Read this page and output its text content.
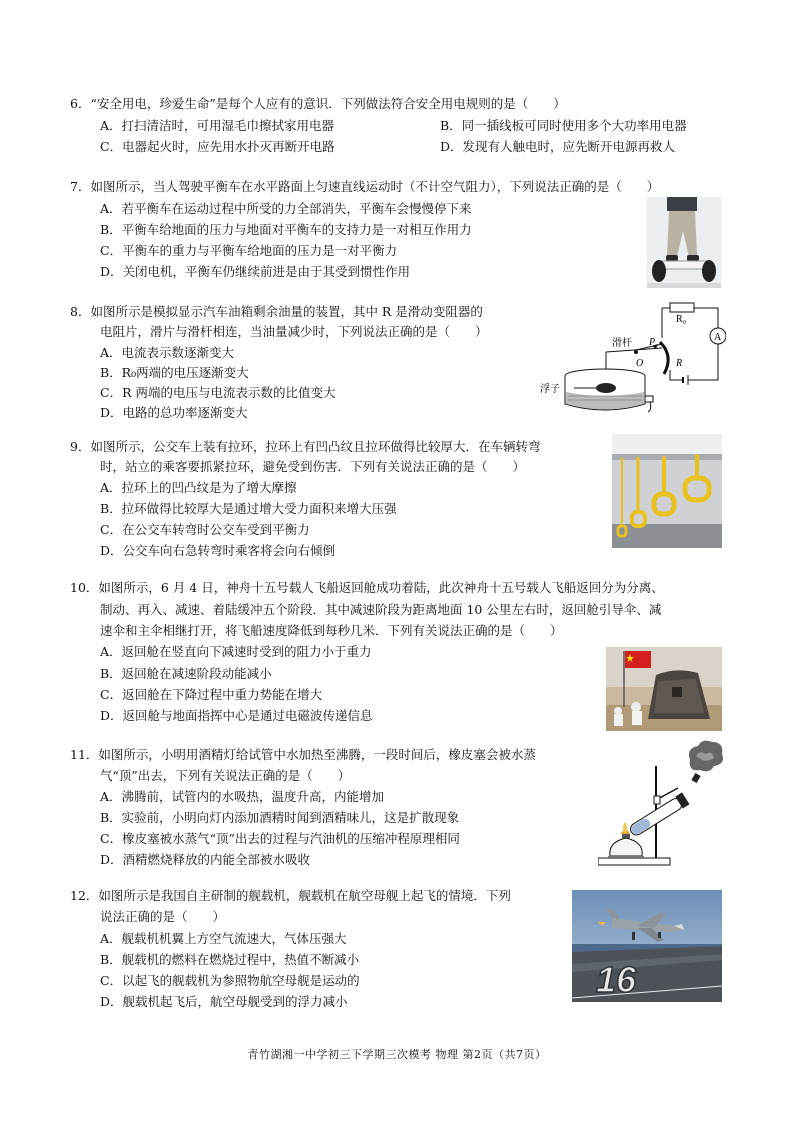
6．“安全用电，珍爱生命”是每个人应有的意识．下列做法符合安全用电规则的是（　　）
A．打扫清洁时，可用湿毛巾擦拭家用电器	B．同一插线板可同时使用多个大功率用电器
C．电器起火时，应先用水扑灭再断开电路	D．发现有人触电时，应先断开电源再救人
7．如图所示，当人驾驶平衡车在水平路面上匀速直线运动时（不计空气阻力），下列说法正确的是（　　）
A．若平衡车在运动过程中所受的力全部消失，平衡车会慢慢停下来
B．平衡车给地面的压力与地面对平衡车的支持力是一对相互作用力
C．平衡车的重力与平衡车给地面的压力是一对平衡力
D．关闭电机，平衡车仍继续前进是由于其受到惯性作用
8．如图所示是模拟显示汽车油箱剩余油量的装置，其中 R 是滑动变阻器的
电阻片，滑片与滑杆相连，当油量减少时，下列说法正确的是（　　）
A．电流表示数逐渐变大
B．R₀两端的电压逐渐变大
C．R 两端的电压与电流表示数的比值变大
D．电路的总功率逐渐变大
R₀
A
R
滑杆 P
O
浮子
9．如图所示，公交车上装有拉环，拉环上有凹凸纹且拉环做得比较厚大．在车辆转弯
时，站立的乘客要抓紧拉环，避免受到伤害．下列有关说法正确的是（　　）
A．拉环上的凹凸纹是为了增大摩擦
B．拉环做得比较厚大是通过增大受力面积来增大压强
C．在公交车转弯时公交车受到平衡力
D．公交车向右急转弯时乘客将会向右倾倒
10．如图所示，6 月 4 日，神舟十五号载人飞船返回舱成功着陆，此次神舟十五号载人飞船返回分为分离、
制动、再入、减速、着陆缓冲五个阶段．其中减速阶段为距离地面 10 公里左右时，返回舱引导伞、减
速伞和主伞相继打开，将飞船速度降低到每秒几米．下列有关说法正确的是（　　）
A．返回舱在竖直向下减速时受到的阻力小于重力
B．返回舱在减速阶段动能减小
C．返回舱在下降过程中重力势能在增大
D．返回舱与地面指挥中心是通过电磁波传递信息
11．如图所示，小明用酒精灯给试管中水加热至沸腾，一段时间后，橡皮塞会被水蒸
气“顶”出去，下列有关说法正确的是（　　）
A．沸腾前，试管内的水吸热，温度升高，内能增加
B．实验前，小明向灯内添加酒精时闻到酒精味儿，这是扩散现象
C．橡皮塞被水蒸气“顶”出去的过程与汽油机的压缩冲程原理相同
D．酒精燃烧释放的内能全部被水吸收
12．如图所示是我国自主研制的舰载机，舰载机在航空母舰上起飞的情境．下列
说法正确的是（　　）
A．舰载机机翼上方空气流速大，气体压强大
B．舰载机的燃料在燃烧过程中，热值不断减小
C．以起飞的舰载机为参照物航空母舰是运动的
D．舰载机起飞后，航空母舰受到的浮力减小
16
青竹湖湘一中学初三下学期三次模考 物理 第2页（共7页）
